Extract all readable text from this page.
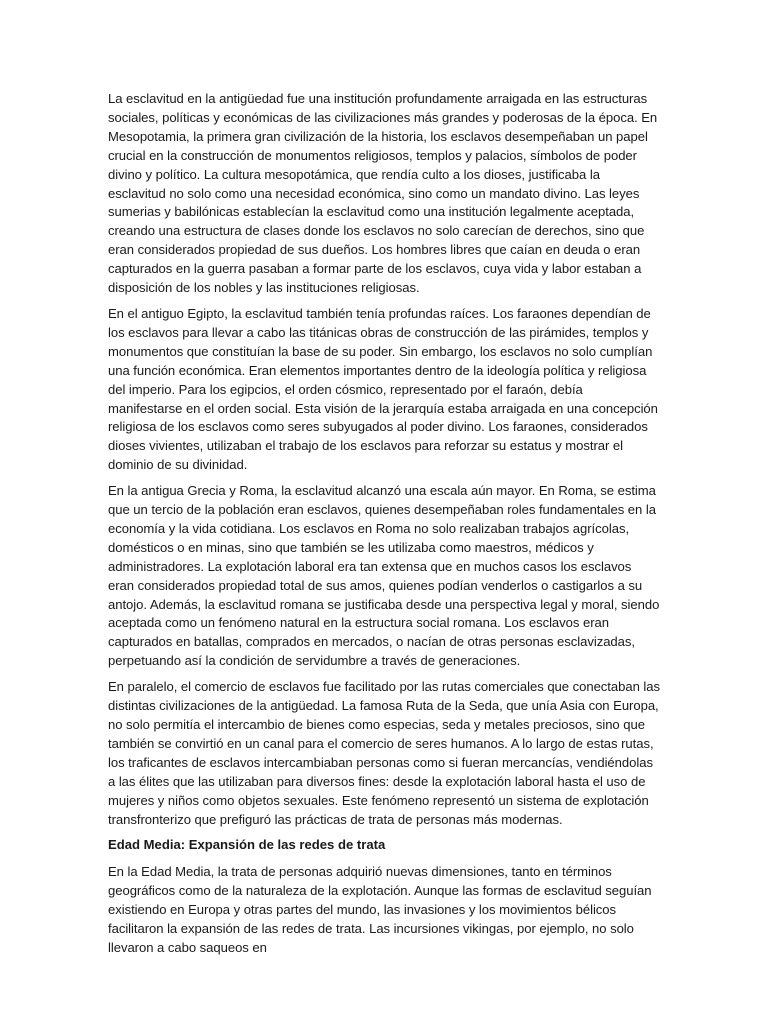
La esclavitud en la antigüedad fue una institución profundamente arraigada en las estructuras sociales, políticas y económicas de las civilizaciones más grandes y poderosas de la época. En Mesopotamia, la primera gran civilización de la historia, los esclavos desempeñaban un papel crucial en la construcción de monumentos religiosos, templos y palacios, símbolos de poder divino y político. La cultura mesopotámica, que rendía culto a los dioses, justificaba la esclavitud no solo como una necesidad económica, sino como un mandato divino. Las leyes sumerias y babilónicas establecían la esclavitud como una institución legalmente aceptada, creando una estructura de clases donde los esclavos no solo carecían de derechos, sino que eran considerados propiedad de sus dueños. Los hombres libres que caían en deuda o eran capturados en la guerra pasaban a formar parte de los esclavos, cuya vida y labor estaban a disposición de los nobles y las instituciones religiosas.

En el antiguo Egipto, la esclavitud también tenía profundas raíces. Los faraones dependían de los esclavos para llevar a cabo las titánicas obras de construcción de las pirámides, templos y monumentos que constituían la base de su poder. Sin embargo, los esclavos no solo cumplían una función económica. Eran elementos importantes dentro de la ideología política y religiosa del imperio. Para los egipcios, el orden cósmico, representado por el faraón, debía manifestarse en el orden social. Esta visión de la jerarquía estaba arraigada en una concepción religiosa de los esclavos como seres subyugados al poder divino. Los faraones, considerados dioses vivientes, utilizaban el trabajo de los esclavos para reforzar su estatus y mostrar el dominio de su divinidad.

En la antigua Grecia y Roma, la esclavitud alcanzó una escala aún mayor. En Roma, se estima que un tercio de la población eran esclavos, quienes desempeñaban roles fundamentales en la economía y la vida cotidiana. Los esclavos en Roma no solo realizaban trabajos agrícolas, domésticos o en minas, sino que también se les utilizaba como maestros, médicos y administradores. La explotación laboral era tan extensa que en muchos casos los esclavos eran considerados propiedad total de sus amos, quienes podían venderlos o castigarlos a su antojo. Además, la esclavitud romana se justificaba desde una perspectiva legal y moral, siendo aceptada como un fenómeno natural en la estructura social romana. Los esclavos eran capturados en batallas, comprados en mercados, o nacían de otras personas esclavizadas, perpetuando así la condición de servidumbre a través de generaciones.

En paralelo, el comercio de esclavos fue facilitado por las rutas comerciales que conectaban las distintas civilizaciones de la antigüedad. La famosa Ruta de la Seda, que unía Asia con Europa, no solo permitía el intercambio de bienes como especias, seda y metales preciosos, sino que también se convirtió en un canal para el comercio de seres humanos. A lo largo de estas rutas, los traficantes de esclavos intercambiaban personas como si fueran mercancías, vendiéndolas a las élites que las utilizaban para diversos fines: desde la explotación laboral hasta el uso de mujeres y niños como objetos sexuales. Este fenómeno representó un sistema de explotación transfronterizo que prefiguró las prácticas de trata de personas más modernas.

Edad Media: Expansión de las redes de trata

En la Edad Media, la trata de personas adquirió nuevas dimensiones, tanto en términos geográficos como de la naturaleza de la explotación. Aunque las formas de esclavitud seguían existiendo en Europa y otras partes del mundo, las invasiones y los movimientos bélicos facilitaron la expansión de las redes de trata. Las incursiones vikingas, por ejemplo, no solo llevaron a cabo saqueos en
